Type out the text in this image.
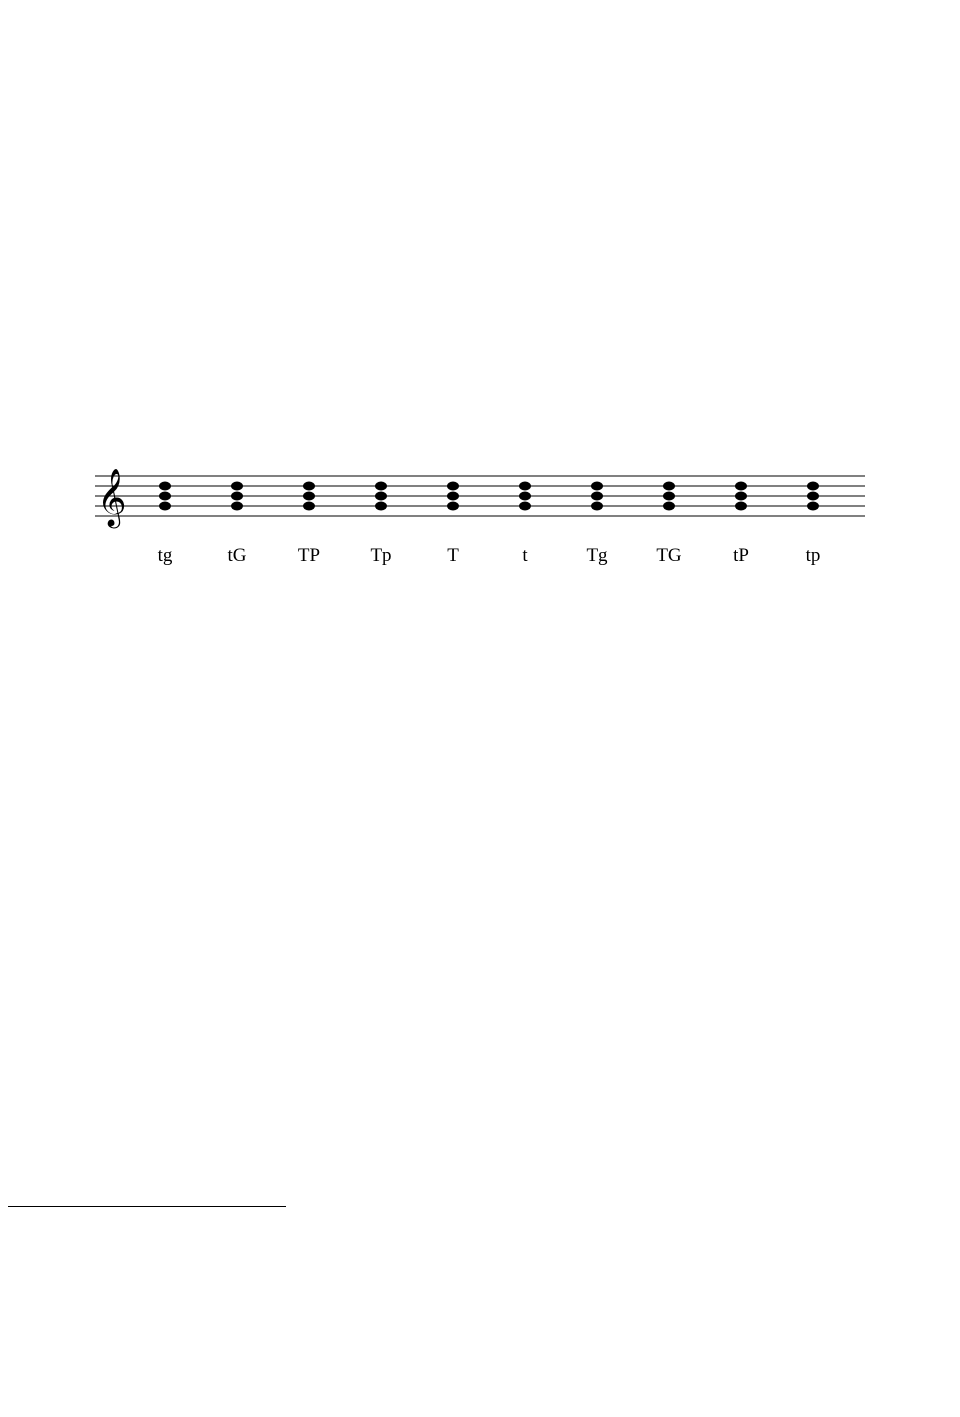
𝄞
tg	tG	TP	Tp	T	t	Tg	TG	tP	tp
